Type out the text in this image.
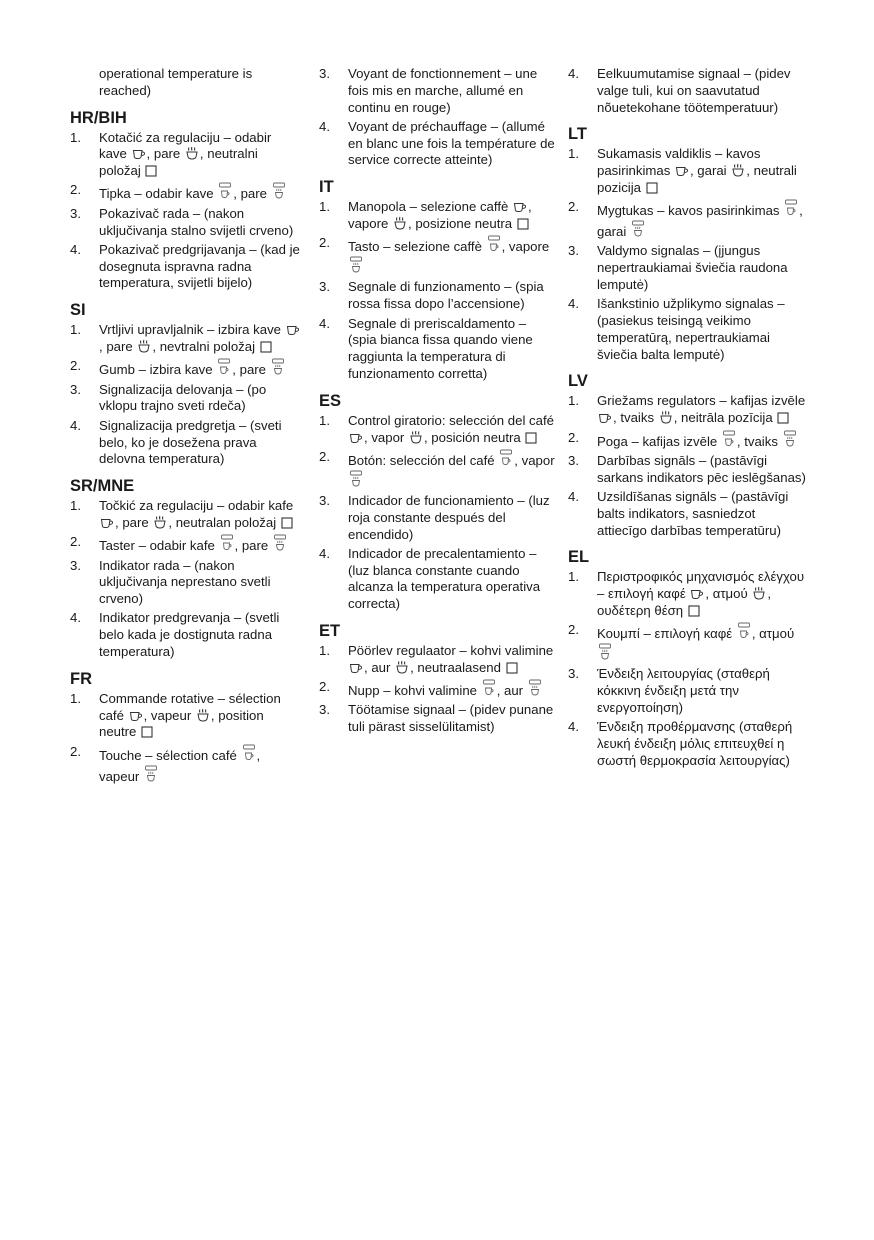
operational temperature is reached)
HR/BIH
1. Kotačić za regulaciju – odabir kave
, pare
, neutralni položaj
2. Tipka – odabir kave
, pare
3. Pokazivač rada – (nakon uključivanja stalno svijetli crveno)
4. Pokazivač predgrijavanja – (kad je dosegnuta ispravna radna temperatura, svijetli bijelo)
SI
1. Vrtljivi upravljalnik – izbira kave
, pare
, nevtralni položaj
2. Gumb – izbira kave
, pare
3. Signalizacija delovanja – (po vklopu trajno sveti rdeča)
4. Signalizacija predgretja – (sveti belo, ko je dosežena prava delovna temperatura)
SR/MNE
1. Točkić za regulaciju – odabir kafe
, pare
, neutralan položaj
2. Taster – odabir kafe
, pare
3. Indikator rada – (nakon uključivanja neprestano svetli crveno)
4. Indikator predgrevanja – (svetli belo kada je dostignuta radna temperatura)
FR
1. Commande rotative – sélection café
, vapeur
, position neutre
2. Touche – sélection café
, vapeur
3. Voyant de fonctionnement – une fois mis en marche, allumé en continu en rouge)
4. Voyant de préchauffage – (allumé en blanc une fois la température de service correcte atteinte)
IT
1. Manopola – selezione caffè
, vapore
, posizione neutra
2. Tasto – selezione caffè
, vapore
3. Segnale di funzionamento – (spia rossa fissa dopo l’accensione)
4. Segnale di preriscaldamento – (spia bianca fissa quando viene raggiunta la temperatura di funzionamento corretta)
ES
1. Control giratorio: selección del café
, vapor
, posición neutra
2. Botón: selección del café
, vapor
3. Indicador de funcionamiento – (luz roja constante después del encendido)
4. Indicador de precalentamiento – (luz blanca constante cuando alcanza la temperatura operativa correcta)
ET
1. Pöörlev regulaator – kohvi valimine
, aur
, neutraalasend
2. Nupp – kohvi valimine
, aur
3. Töötamise signaal – (pidev punane tuli pärast sisselülitamist)
4. Eelkuumutamise signaal – (pidev valge tuli, kui on saavutatud nõuetekohane töötemperatuur)
LT
1. Sukamasis valdiklis – kavos pasirinkimas
, garai
, neutrali pozicija
2. Mygtukas – kavos pasirinkimas
, garai
3. Valdymo signalas – (įjungus nepertraukiamai šviečia raudona lemputė)
4. Išankstinio užplikymo signalas – (pasiekus teisingą veikimo temperatūrą, nepertraukiamai šviečia balta lemputė)
LV
1. Griežams regulators – kafijas izvēle
, tvaiks
, neitrāla pozīcija
2. Poga – kafijas izvēle
, tvaiks
3. Darbības signāls – (pastāvīgi sarkans indikators pēc ieslēgšanas)
4. Uzsildīšanas signāls – (pastāvīgi balts indikators, sasniedzot attiecīgo darbības temperatūru)
EL
1. Περιστροφικός μηχανισμός ελέγχου – επιλογή καφέ
, ατμού
, ουδέτερη θέση
2. Κουμπί – επιλογή καφέ
, ατμού
3. Ένδειξη λειτουργίας (σταθερή κόκκινη ένδειξη μετά την ενεργοποίηση)
4. Ένδειξη προθέρμανσης (σταθερή λευκή ένδειξη μόλις επιτευχθεί η σωστή θερμοκρασία λειτουργίας)
